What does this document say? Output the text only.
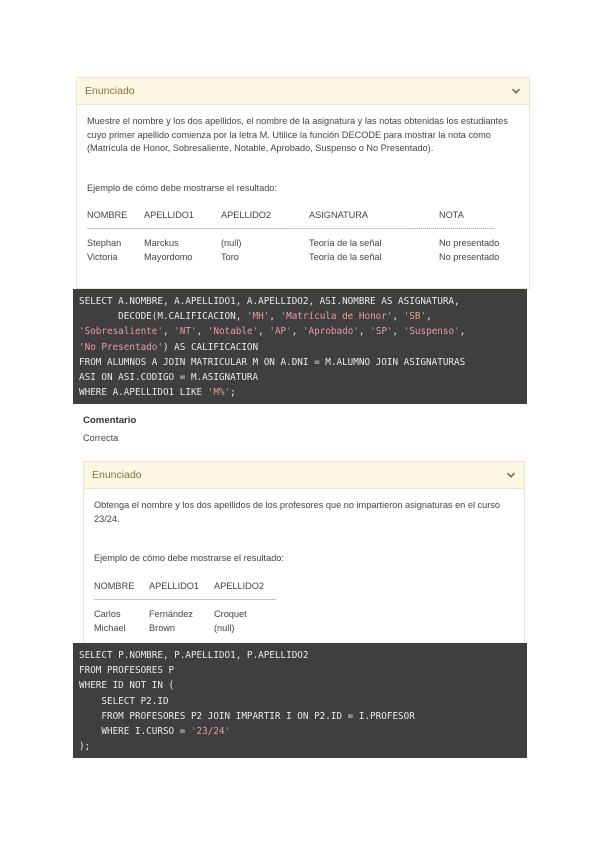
Enunciado

Muestre el nombre y los dos apellidos, el nombre de la asignatura y las notas obtenidas los estudiantes cuyo primer apellido comienza por la letra M. Utilice la función DECODE para mostrar la nota como (Matrícula de Honor, Sobresaliente, Notable, Aprobado, Suspenso o No Presentado).

Ejemplo de cómo debe mostrarse el resultado:

NOMBRE	APELLIDO1	APELLIDO2	ASIGNATURA	NOTA
------------------------------------------------------------------------------------------------------------------------------------------------------------------------------------------------------------				
Stephan	Marckus	(null)	Teoría de la señal	No presentado
Victoria	Mayordomo	Toro	Teoría de la señal	No presentado
SELECT A.NOMBRE, A.APELLIDO1, A.APELLIDO2, ASI.NOMBRE AS ASIGNATURA,
DECODE(M.CALIFICACION, 'MH', 'Matrícula de Honor', 'SB',
'Sobresaliente', 'NT', 'Notable', 'AP', 'Aprobado', 'SP', 'Suspenso',
'No Presentado') AS CALIFICACION
FROM ALUMNOS A JOIN MATRICULAR M ON A.DNI = M.ALUMNO JOIN ASIGNATURAS
ASI ON ASI.CODIGO = M.ASIGNATURA
WHERE A.APELLIDO1 LIKE 'M%';
Comentario
Correcta
Enunciado

Obtenga el nombre y los dos apellidos de los profesores que no impartieron asignaturas en el curso 23/24.

Ejemplo de cómo debe mostrarse el resultado:

NOMBRE	APELLIDO1	APELLIDO2
-------------------------------------------------------------------------------------------		
Carlos	Fernández	Croquet
Michael	Brown	(null)
SELECT P.NOMBRE, P.APELLIDO1, P.APELLIDO2
FROM PROFESORES P
WHERE ID NOT IN (
SELECT P2.ID
FROM PROFESORES P2 JOIN IMPARTIR I ON P2.ID = I.PROFESOR
WHERE I.CURSO = '23/24'
);
